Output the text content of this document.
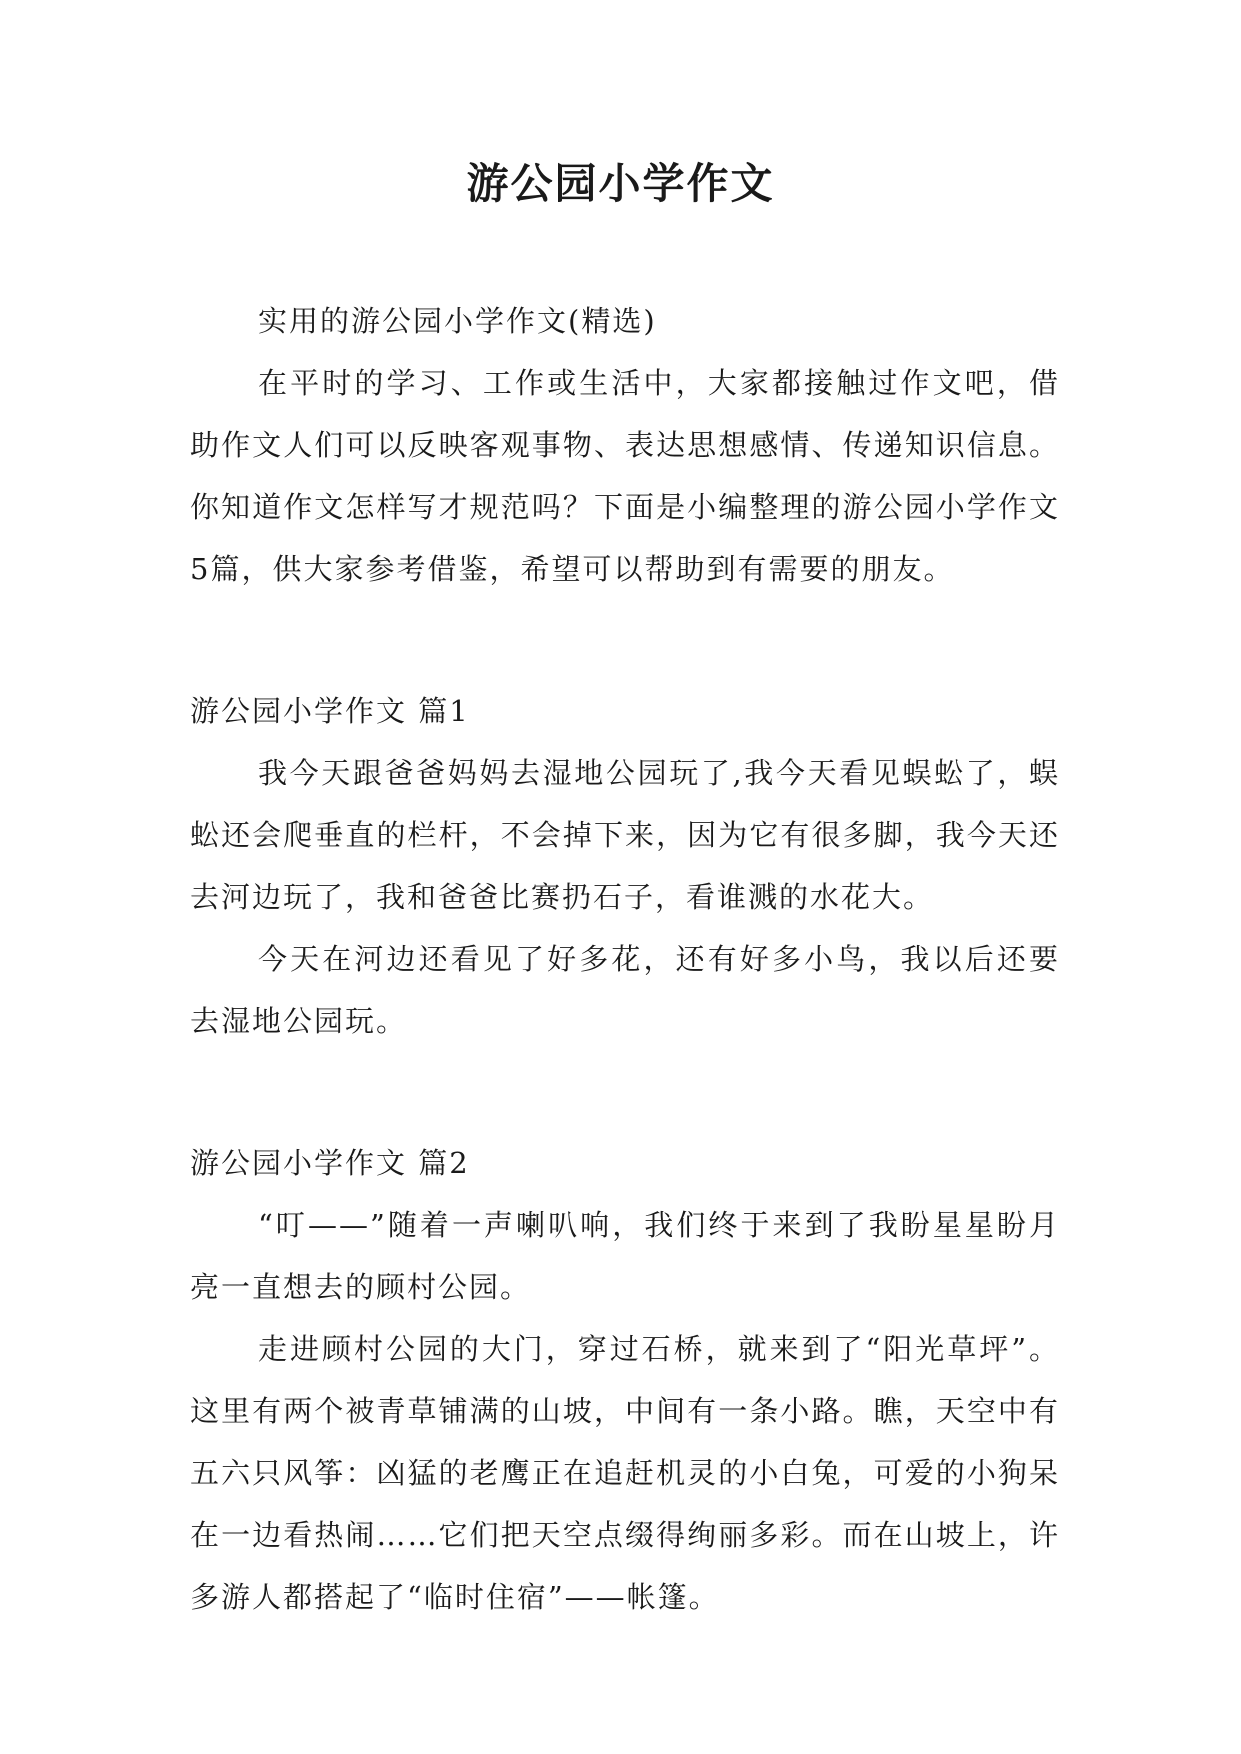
游公园小学作文

实用的游公园小学作文(精选)

在平时的学习、工作或生活中，大家都接触过作文吧，借助作文人们可以反映客观事物、表达思想感情、传递知识信息。你知道作文怎样写才规范吗？下面是小编整理的游公园小学作文5篇，供大家参考借鉴，希望可以帮助到有需要的朋友。

游公园小学作文 篇1

我今天跟爸爸妈妈去湿地公园玩了,我今天看见蜈蚣了，蜈蚣还会爬垂直的栏杆，不会掉下来，因为它有很多脚，我今天还去河边玩了，我和爸爸比赛扔石子，看谁溅的水花大。

今天在河边还看见了好多花，还有好多小鸟，我以后还要去湿地公园玩。

游公园小学作文 篇2

“叮——”随着一声喇叭响，我们终于来到了我盼星星盼月亮一直想去的顾村公园。

走进顾村公园的大门，穿过石桥，就来到了“阳光草坪”。这里有两个被青草铺满的山坡，中间有一条小路。瞧，天空中有五六只风筝：凶猛的老鹰正在追赶机灵的小白兔，可爱的小狗呆在一边看热闹……它们把天空点缀得绚丽多彩。而在山坡上，许多游人都搭起了“临时住宿”——帐篷。
